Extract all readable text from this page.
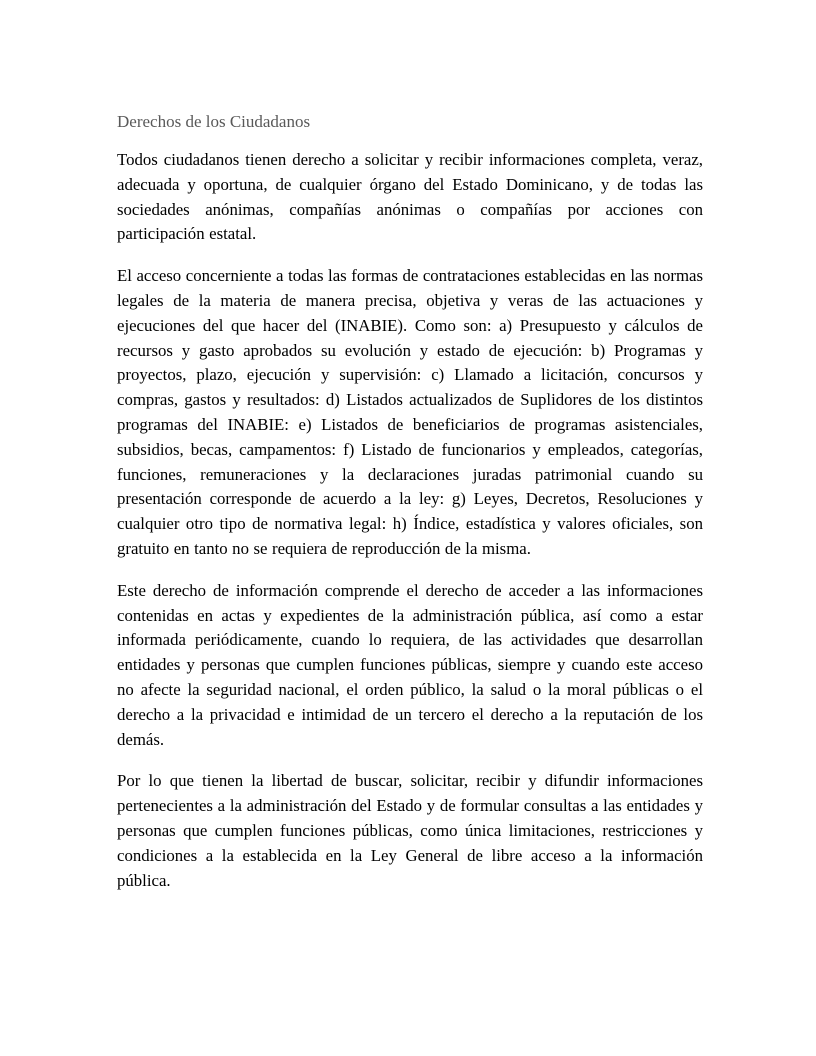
Derechos de los Ciudadanos

Todos ciudadanos tienen derecho a solicitar y recibir informaciones completa, veraz, adecuada y oportuna, de cualquier órgano del Estado Dominicano, y de todas las sociedades anónimas, compañías anónimas o compañías por acciones con participación estatal.

El acceso concerniente a todas las formas de contrataciones establecidas en las normas legales de la materia de manera precisa, objetiva y veras de las actuaciones y ejecuciones del que hacer del (INABIE). Como son: a) Presupuesto y cálculos de recursos y gasto aprobados su evolución y estado de ejecución: b) Programas y proyectos, plazo, ejecución y supervisión: c) Llamado a licitación, concursos y compras, gastos y resultados: d) Listados actualizados de Suplidores de los distintos programas del INABIE: e) Listados de beneficiarios de programas asistenciales, subsidios, becas, campamentos: f) Listado de funcionarios y empleados, categorías, funciones, remuneraciones y la declaraciones juradas patrimonial cuando su presentación corresponde de acuerdo a la ley: g) Leyes, Decretos, Resoluciones y cualquier otro tipo de normativa legal: h) Índice, estadística y valores oficiales, son gratuito en tanto no se requiera de reproducción de la misma.

Este derecho de información comprende el derecho de acceder a las informaciones contenidas en actas y expedientes de la administración pública, así como a estar informada periódicamente, cuando lo requiera, de las actividades que desarrollan entidades y personas que cumplen funciones públicas, siempre y cuando este acceso no afecte la seguridad nacional, el orden público, la salud o la moral públicas o el derecho a la privacidad e intimidad de un tercero el derecho a la reputación de los demás.

Por lo que tienen la libertad de buscar, solicitar, recibir y difundir informaciones pertenecientes a la administración del Estado y de formular consultas a las entidades y personas que cumplen funciones públicas, como única limitaciones, restricciones y condiciones a la establecida en la Ley General de libre acceso a la información pública.
